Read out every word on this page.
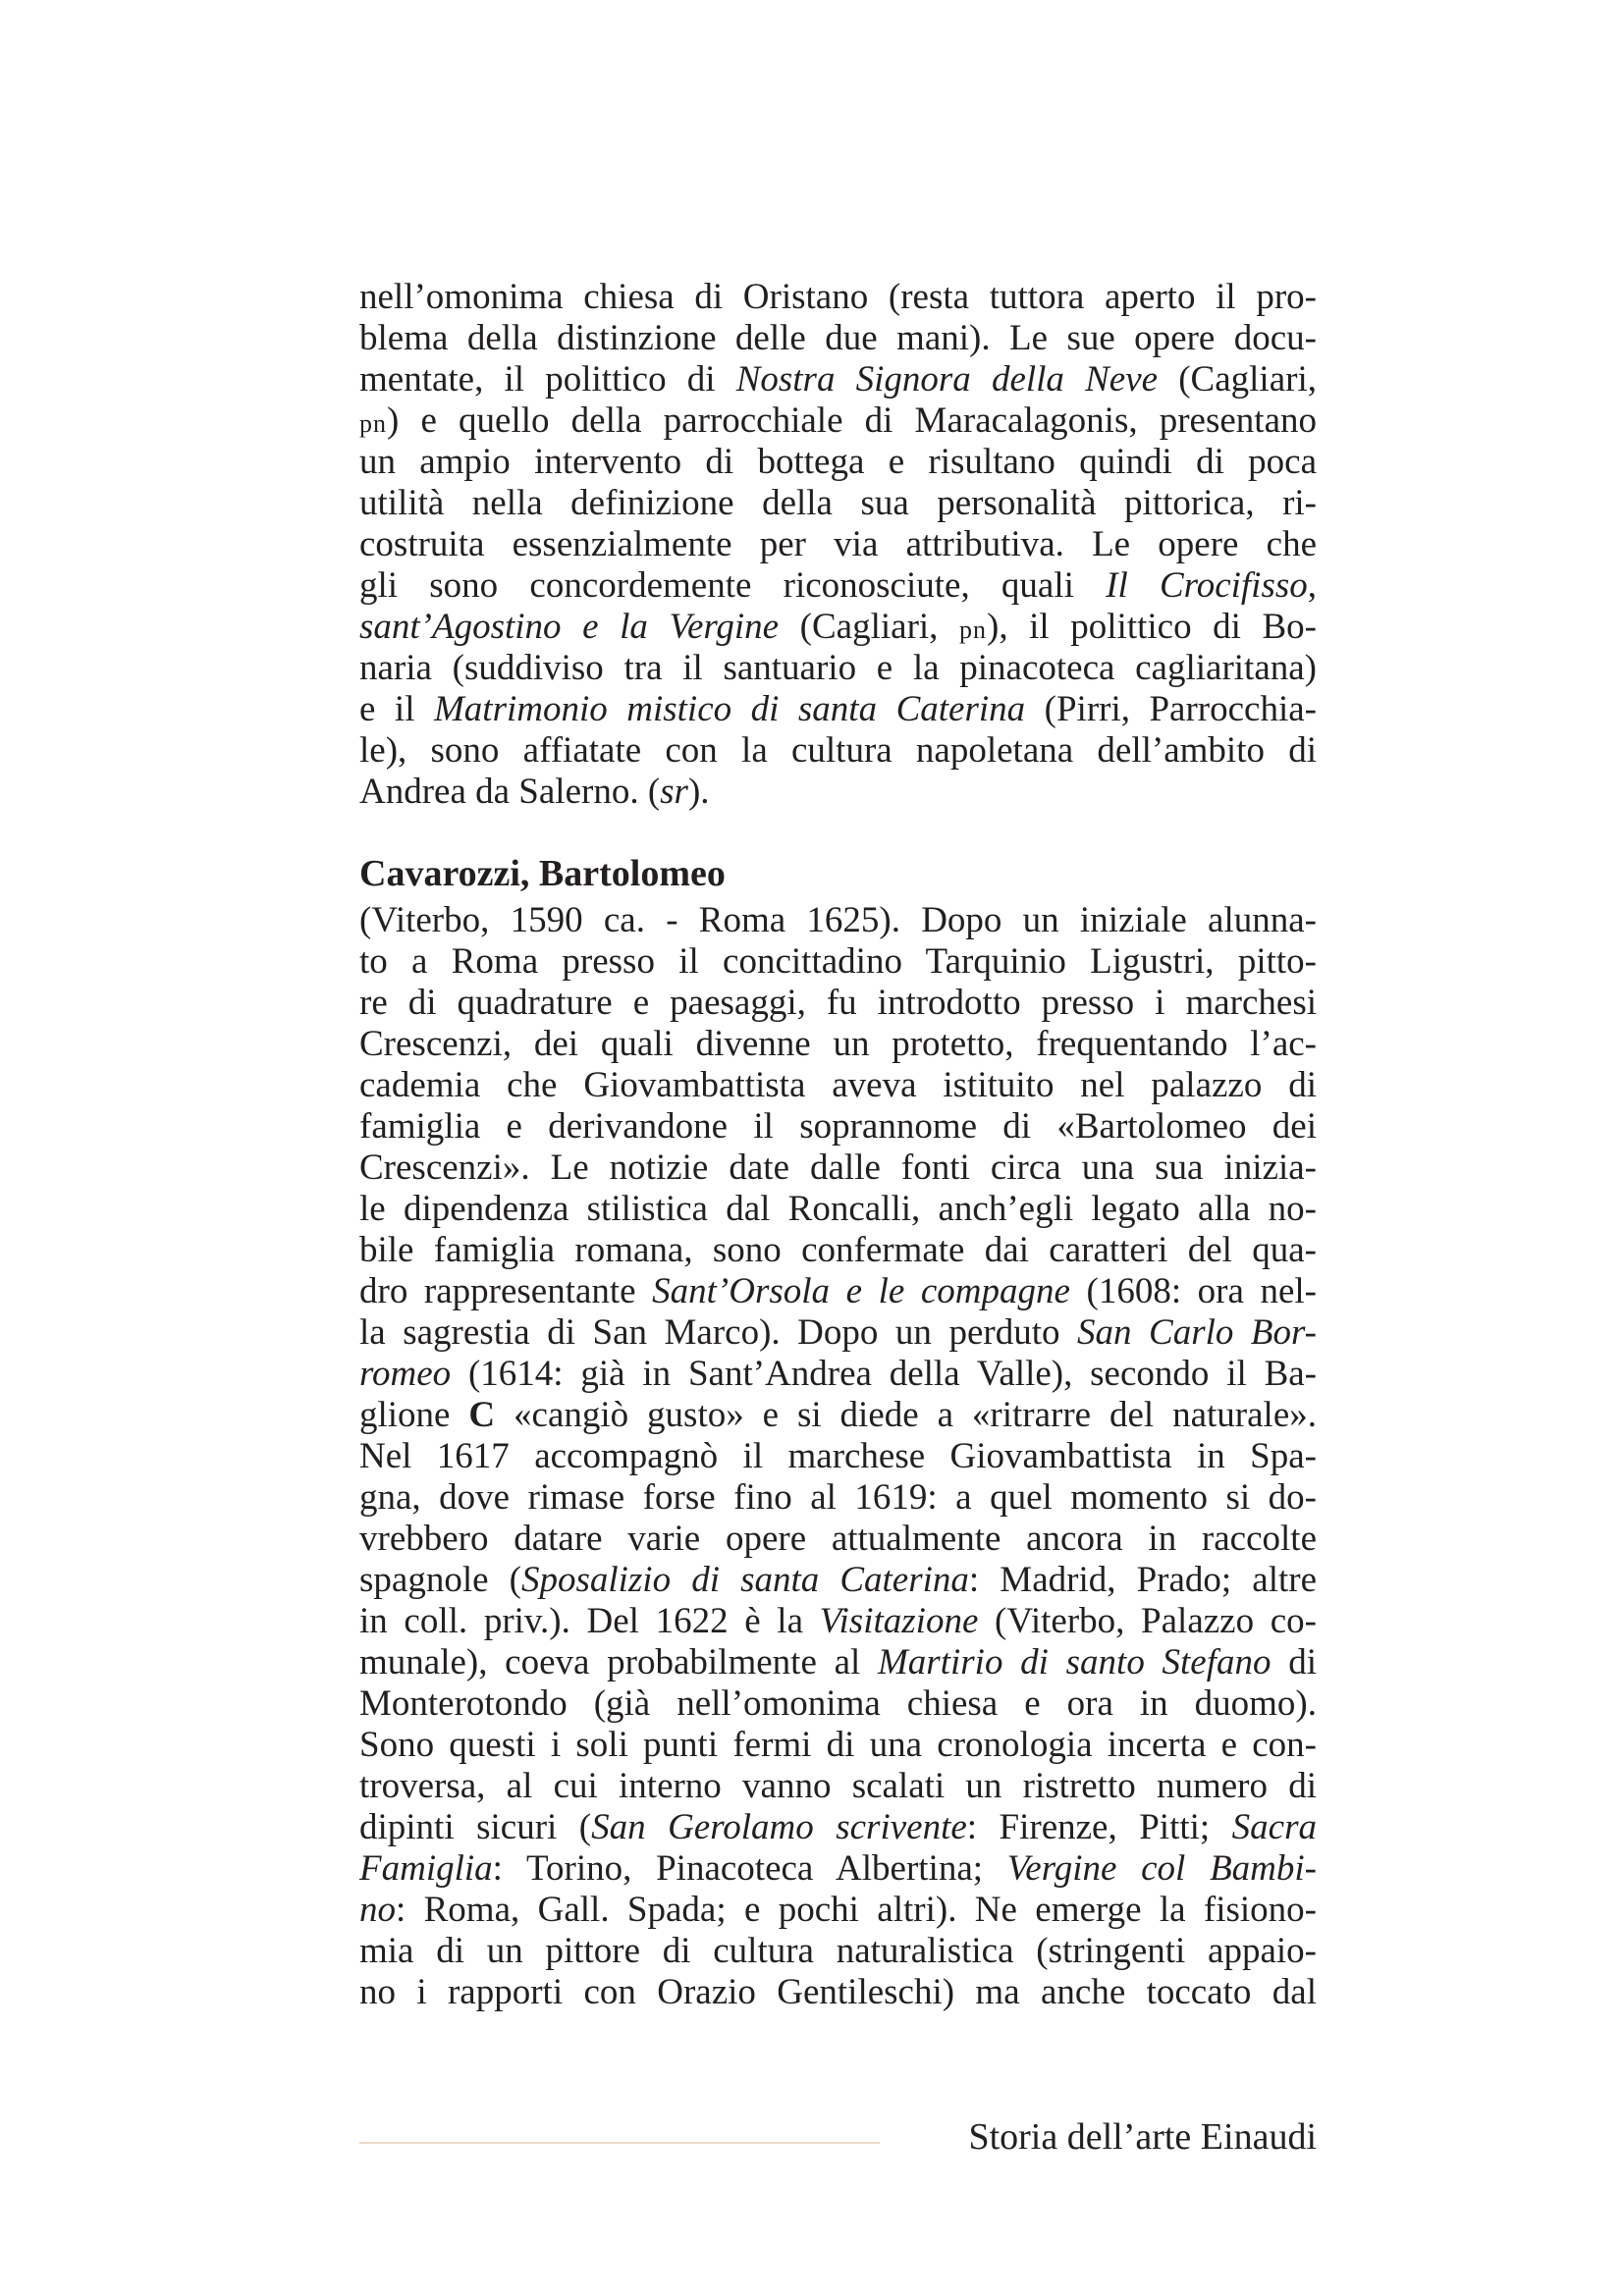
nell’omonima chiesa di Oristano (resta tuttora aperto il pro-
blema della distinzione delle due mani). Le sue opere docu-
mentate, il polittico di Nostra Signora della Neve (Cagliari,
pn) e quello della parrocchiale di Maracalagonis, presentano
un ampio intervento di bottega e risultano quindi di poca
utilità nella definizione della sua personalità pittorica, ri-
costruita essenzialmente per via attributiva. Le opere che
gli sono concordemente riconosciute, quali Il Crocifisso,
sant’Agostino e la Vergine (Cagliari, pn), il polittico di Bo-
naria (suddiviso tra il santuario e la pinacoteca cagliaritana)
e il Matrimonio mistico di santa Caterina (Pirri, Parrocchia-
le), sono affiatate con la cultura napoletana dell’ambito di
Andrea da Salerno. (sr).
Cavarozzi, Bartolomeo
(Viterbo, 1590 ca. - Roma 1625). Dopo un iniziale alunna-
to a Roma presso il concittadino Tarquinio Ligustri, pitto-
re di quadrature e paesaggi, fu introdotto presso i marchesi
Crescenzi, dei quali divenne un protetto, frequentando l’ac-
cademia che Giovambattista aveva istituito nel palazzo di
famiglia e derivandone il soprannome di «Bartolomeo dei
Crescenzi». Le notizie date dalle fonti circa una sua inizia-
le dipendenza stilistica dal Roncalli, anch’egli legato alla no-
bile famiglia romana, sono confermate dai caratteri del qua-
dro rappresentante Sant’Orsola e le compagne (1608: ora nel-
la sagrestia di San Marco). Dopo un perduto San Carlo Bor-
romeo (1614: già in Sant’Andrea della Valle), secondo il Ba-
glione C «cangiò gusto» e si diede a «ritrarre del naturale».
Nel 1617 accompagnò il marchese Giovambattista in Spa-
gna, dove rimase forse fino al 1619: a quel momento si do-
vrebbero datare varie opere attualmente ancora in raccolte
spagnole (Sposalizio di santa Caterina: Madrid, Prado; altre
in coll. priv.). Del 1622 è la Visitazione (Viterbo, Palazzo co-
munale), coeva probabilmente al Martirio di santo Stefano di
Monterotondo (già nell’omonima chiesa e ora in duomo).
Sono questi i soli punti fermi di una cronologia incerta e con-
troversa, al cui interno vanno scalati un ristretto numero di
dipinti sicuri (San Gerolamo scrivente: Firenze, Pitti; Sacra
Famiglia: Torino, Pinacoteca Albertina; Vergine col Bambi-
no: Roma, Gall. Spada; e pochi altri). Ne emerge la fisiono-
mia di un pittore di cultura naturalistica (stringenti appaio-
no i rapporti con Orazio Gentileschi) ma anche toccato dal
Storia dell’arte Einaudi
